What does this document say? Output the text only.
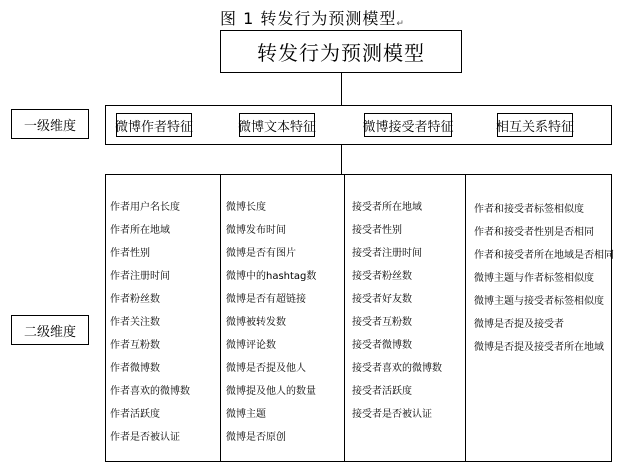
图 1 转发行为预测模型↵
转发行为预测模型
一级维度	微博作者特征	微博文本特征	微博接受者特征	相互关系特征
二级维度
作者用户名长度
作者所在地域
作者性别
作者注册时间
作者粉丝数
作者关注数
作者互粉数
作者微博数
作者喜欢的微博数
作者活跃度
作者是否被认证
微博长度
微博发布时间
微博是否有图片
微博中的hashtag数
微博是否有超链接
微博被转发数
微博评论数
微博是否提及他人
微博提及他人的数量
微博主题
微博是否原创
接受者所在地域
接受者性别
接受者注册时间
接受者粉丝数
接受者好友数
接受者互粉数
接受者微博数
接受者喜欢的微博数
接受者活跃度
接受者是否被认证
作者和接受者标签相似度
作者和接受者性别是否相同
作者和接受者所在地域是否相同
微博主题与作者标签相似度
微博主题与接受者标签相似度
微博是否提及接受者
微博是否提及接受者所在地域
